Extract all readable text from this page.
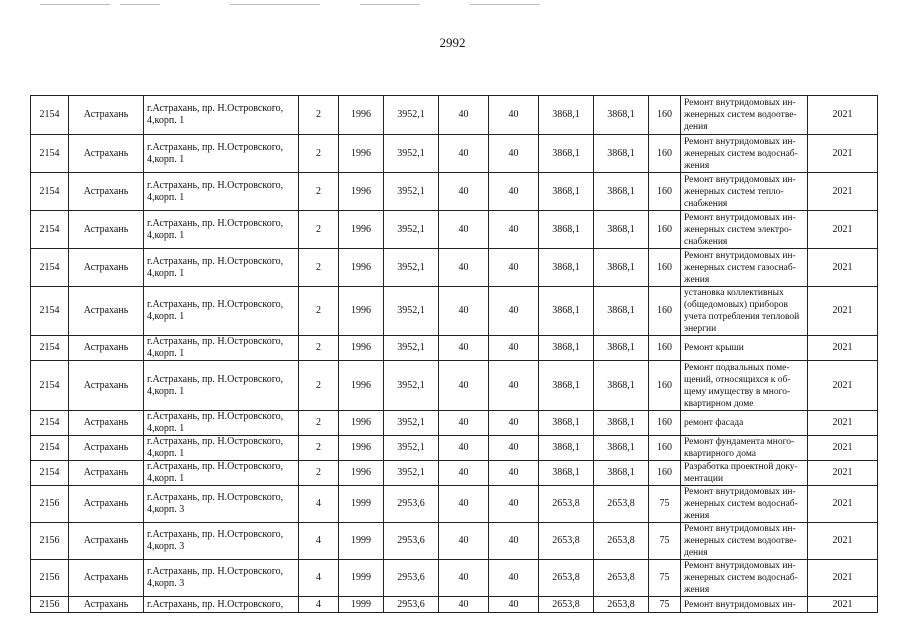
2992
2154	Астрахань	г.Астрахань, пр. Н.Островского, 4,корп. 1	2	1996	3952,1	40	40	3868,1	3868,1	160	Ремонт внутридомовых ин-женерных систем водоотве-дения	2021
2154	Астрахань	г.Астрахань, пр. Н.Островского, 4,корп. 1	2	1996	3952,1	40	40	3868,1	3868,1	160	Ремонт внутридомовых ин-женерных систем водоснаб-жения	2021
2154	Астрахань	г.Астрахань, пр. Н.Островского, 4,корп. 1	2	1996	3952,1	40	40	3868,1	3868,1	160	Ремонт внутридомовых ин-женерных систем тепло-снабжения	2021
2154	Астрахань	г.Астрахань, пр. Н.Островского, 4,корп. 1	2	1996	3952,1	40	40	3868,1	3868,1	160	Ремонт внутридомовых ин-женерных систем электро-снабжения	2021
2154	Астрахань	г.Астрахань, пр. Н.Островского, 4,корп. 1	2	1996	3952,1	40	40	3868,1	3868,1	160	Ремонт внутридомовых ин-женерных систем газоснаб-жения	2021
2154	Астрахань	г.Астрахань, пр. Н.Островского, 4,корп. 1	2	1996	3952,1	40	40	3868,1	3868,1	160	установка коллективных (общедомовых) приборов учета потребления тепловой энергии	2021
2154	Астрахань	г.Астрахань, пр. Н.Островского, 4,корп. 1	2	1996	3952,1	40	40	3868,1	3868,1	160	Ремонт крыши	2021
2154	Астрахань	г.Астрахань, пр. Н.Островского, 4,корп. 1	2	1996	3952,1	40	40	3868,1	3868,1	160	Ремонт подвальных поме-щений, относящихся к об-щему имуществу в много-квартирном доме	2021
2154	Астрахань	г.Астрахань, пр. Н.Островского, 4,корп. 1	2	1996	3952,1	40	40	3868,1	3868,1	160	ремонт фасада	2021
2154	Астрахань	г.Астрахань, пр. Н.Островского, 4,корп. 1	2	1996	3952,1	40	40	3868,1	3868,1	160	Ремонт фундамента много-квартирного дома	2021
2154	Астрахань	г.Астрахань, пр. Н.Островского, 4,корп. 1	2	1996	3952,1	40	40	3868,1	3868,1	160	Разработка проектной доку-ментации	2021
2156	Астрахань	г.Астрахань, пр. Н.Островского, 4,корп. 3	4	1999	2953,6	40	40	2653,8	2653,8	75	Ремонт внутридомовых ин-женерных систем водоснаб-жения	2021
2156	Астрахань	г.Астрахань, пр. Н.Островского, 4,корп. 3	4	1999	2953,6	40	40	2653,8	2653,8	75	Ремонт внутридомовых ин-женерных систем водоотве-дения	2021
2156	Астрахань	г.Астрахань, пр. Н.Островского, 4,корп. 3	4	1999	2953,6	40	40	2653,8	2653,8	75	Ремонт внутридомовых ин-женерных систем водоснаб-жения	2021
2156	Астрахань	г.Астрахань, пр. Н.Островского,	4	1999	2953,6	40	40	2653,8	2653,8	75	Ремонт внутридомовых ин-	2021
